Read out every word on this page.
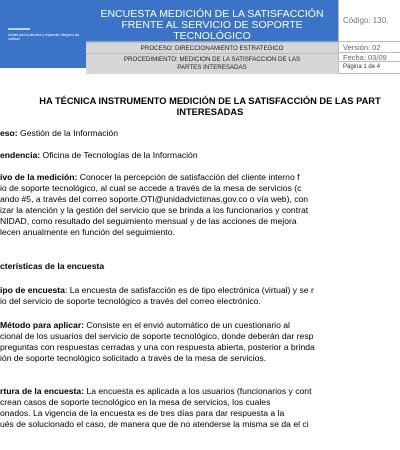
Unidad para la atención y reparación integral a las víctimas
ENCUESTA MEDICIÓN DE LA SATISFACCIÓN
FRENTE AL SERVICIO DE SOPORTE
TECNOLÓGICO
PROCESO: DIRECCIONAMIENTO ESTRATEGICO
PROCEDIMIENTO: MEDICION DE LA SATISFACCION DE LAS
PARTES INTERESADAS
Código: 130,
Versión: 02
Fecha: 03/09
Página 1 de 4
HA TÉCNICA INSTRUMENTO MEDICIÓN DE LA SATISFACCIÓN DE LAS PART
INTERESADAS
eso: Gestión de la Información
endencia: Oficina de Tecnologías de la Información
ivo de la medición: Conocer la percepción de satisfacción del cliente interno f
io de soporte tecnológico, al cual se accede a través de la mesa de servicios (c
ando #5, a través del correo soporte.OTI@unidadvictimas.gov.co o vía web), con
izar la atención y la gestión del servicio que se brinda a los funcionarios y contrat
NIDAD, como resultado del seguimiento mensual y de las acciones de mejora
lecen anualmente en función del seguimiento.
cterísticas de la encuesta
ipo de encuesta: La encuesta de satisfacción es de tipo electrónica (virtual) y se r
io del servicio de soporte tecnológico a través del correo electrónico.
Método para aplicar: Consiste en el envió automático de un cuestionario al
cional de los usuarios del servicio de soporte tecnológico, donde deberán dar resp
preguntas con respuestas cerradas y una con respuesta abierta, posterior a brinda
ión de soporte tecnológico solicitado a través de la mesa de servicios.
rtura de la encuesta: La encuesta es aplicada a los usuarios (funcionarios y cont
crean casos de soporte tecnológico en la mesa de servicios, los cuales
onados. La vigencia de la encuesta es de tres días para dar respuesta a la
ués de solucionado el caso, de manera que de no atenderse la misma se da el ci
